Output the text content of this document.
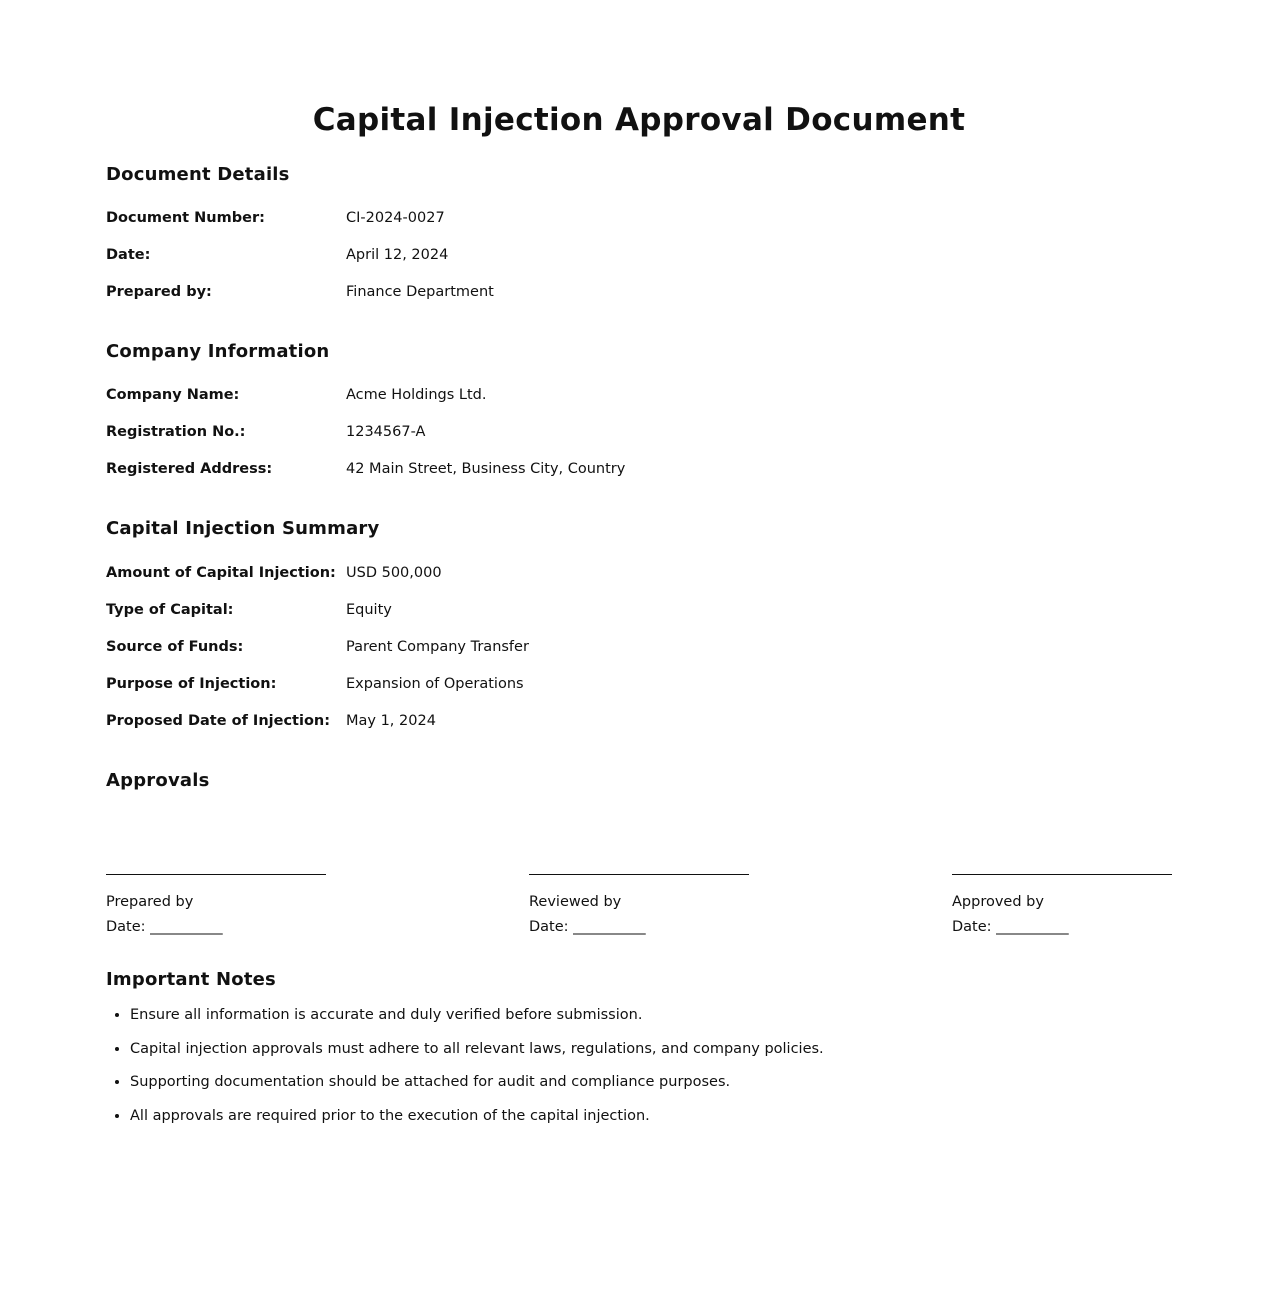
Capital Injection Approval Document
Document Details
Document Number:	CI-2024-0027
Date:	April 12, 2024
Prepared by:	Finance Department
Company Information
Company Name:	Acme Holdings Ltd.
Registration No.:	1234567-A
Registered Address:	42 Main Street, Business City, Country
Capital Injection Summary
Amount of Capital Injection: USD 500,000
Type of Capital:	Equity
Source of Funds:	Parent Company Transfer
Purpose of Injection:	Expansion of Operations
Proposed Date of Injection: May 1, 2024
Approvals
Prepared by
Date: __________
Reviewed by
Date: __________
Approved by
Date: __________
Important Notes
• Ensure all information is accurate and duly verified before submission.
• Capital injection approvals must adhere to all relevant laws, regulations, and company policies.
• Supporting documentation should be attached for audit and compliance purposes.
• All approvals are required prior to the execution of the capital injection.
